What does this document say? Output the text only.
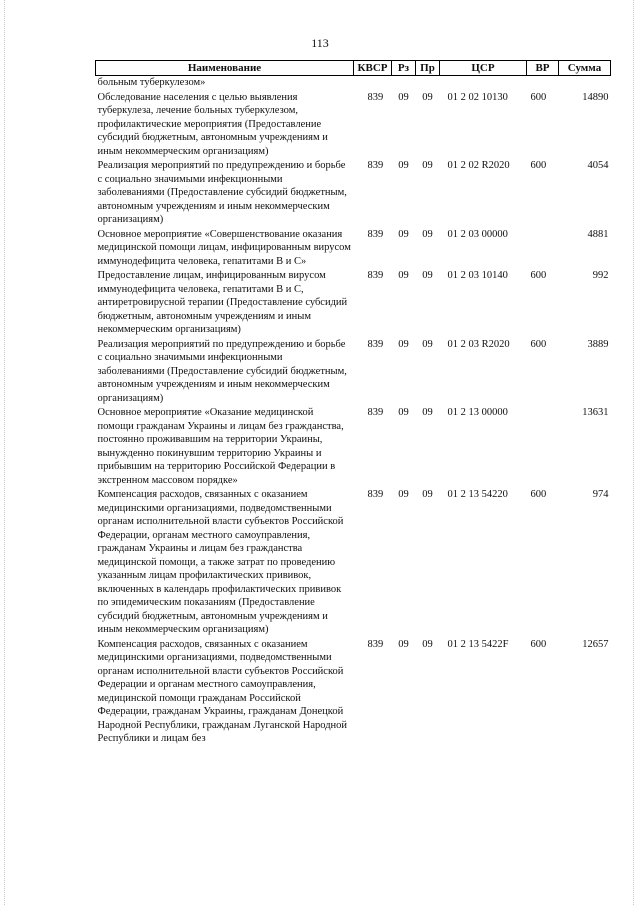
113
Наименование	КВСР	Рз	Пр	ЦСР	ВР	Сумма
больным туберкулезом»						
Обследование населения с целью выявления туберкулеза, лечение больных туберкулезом, профилактические мероприятия (Предоставление субсидий бюджетным, автономным учреждениям и иным некоммерческим организациям)	839	09	09	01 2 02 10130	600	14890
Реализация мероприятий по предупреждению и борьбе с социально значимыми инфекционными заболеваниями (Предоставление субсидий бюджетным, автономным учреждениям и иным некоммерческим организациям)	839	09	09	01 2 02 R2020	600	4054
Основное мероприятие «Совершенствование оказания медицинской помощи лицам, инфицированным вирусом иммунодефицита человека, гепатитами В и С»	839	09	09	01 2 03 00000		4881
Предоставление лицам, инфицированным вирусом иммунодефицита человека, гепатитами В и С, антиретровирусной терапии (Предоставление субсидий бюджетным, автономным учреждениям и иным некоммерческим организациям)	839	09	09	01 2 03 10140	600	992
Реализация мероприятий по предупреждению и борьбе с социально значимыми инфекционными заболеваниями (Предоставление субсидий бюджетным, автономным учреждениям и иным некоммерческим организациям)	839	09	09	01 2 03 R2020	600	3889
Основное мероприятие «Оказание медицинской помощи гражданам Украины и лицам без гражданства, постоянно проживавшим на территории Украины, вынужденно покинувшим территорию Украины и прибывшим на территорию Российской Федерации в экстренном массовом порядке»	839	09	09	01 2 13 00000		13631
Компенсация расходов, связанных с оказанием медицинскими организациями, подведомственными органам исполнительной власти субъектов Российской Федерации, органам местного самоуправления, гражданам Украины и лицам без гражданства медицинской помощи, а также затрат по проведению указанным лицам профилактических прививок, включенных в календарь профилактических прививок по эпидемическим показаниям (Предоставление субсидий бюджетным, автономным учреждениям и иным некоммерческим организациям)	839	09	09	01 2 13 54220	600	974
Компенсация расходов, связанных с оказанием медицинскими организациями, подведомственными органам исполнительной власти субъектов Российской Федерации и органам местного самоуправления, медицинской помощи гражданам Российской Федерации, гражданам Украины, гражданам Донецкой Народной Республики, гражданам Луганской Народной Республики и лицам без	839	09	09	01 2 13 5422F	600	12657
